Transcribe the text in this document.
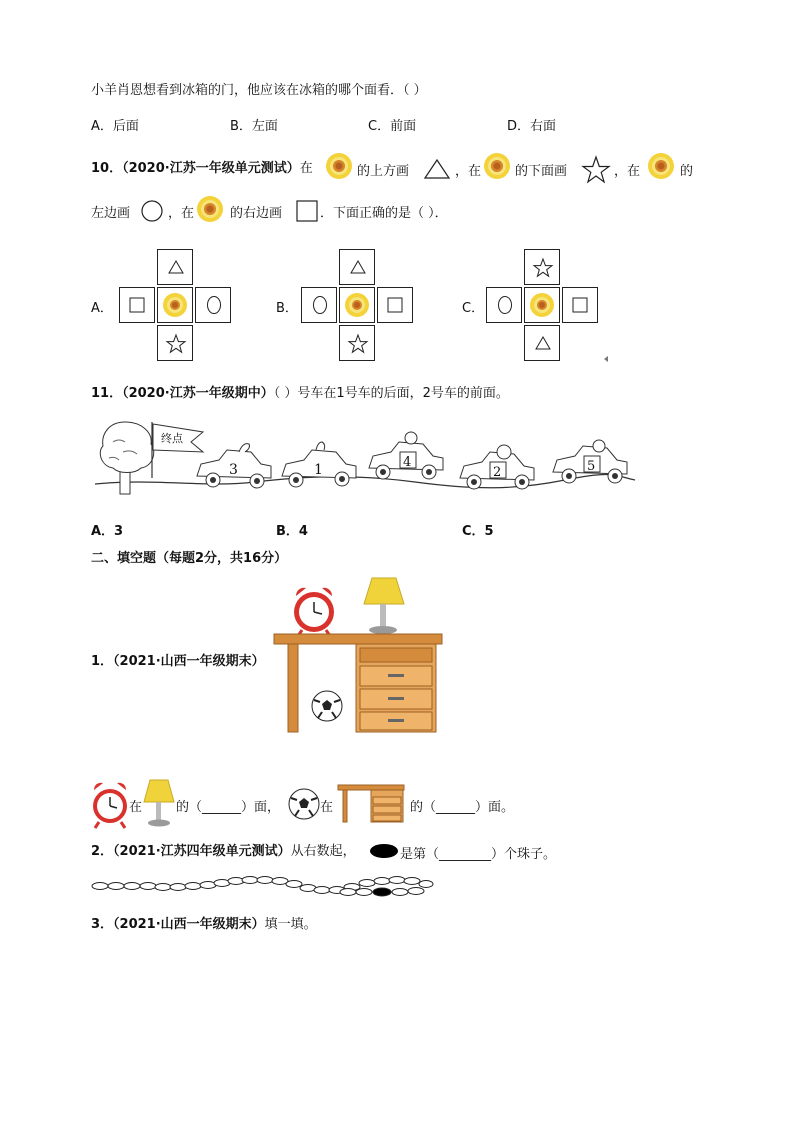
小羊肖恩想看到冰箱的门，他应该在冰箱的哪个面看．（ ）
A．后面	B．左面	C．前面	D．右面
10．（2020·江苏一年级单元测试）在	的上方画	，在	的下面画	，在	的
左边画	，在	的右边画	．下面正确的是（ ）．
A．	B．	C．
11．（2020·江苏一年级期中）（ ）号车在1号车的后面，2号车的前面。
终点
3	1	4
2	5
A．3	B．4	C．5
二、填空题（每题2分，共16分）
1．（2021·山西一年级期末）
在	的（______）面，	在	的（______）面。
2．（2021·江苏四年级单元测试）从右数起，	是第（________）个珠子。
3．（2021·山西一年级期末）填一填。
